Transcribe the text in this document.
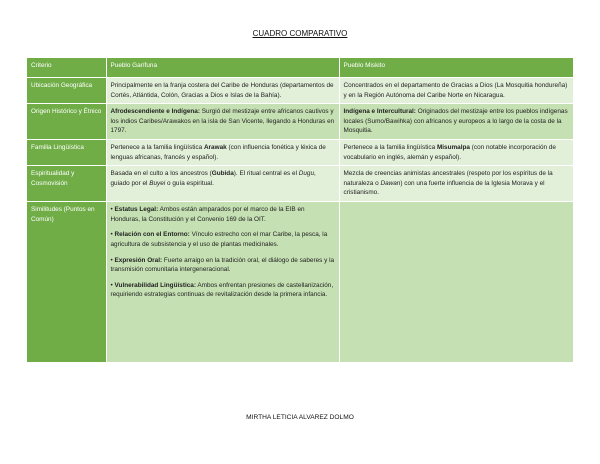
CUADRO COMPARATIVO
Criterio	Pueblo Garífuna	Pueblo Miskito
Ubicación Geográfica	Principalmente en la franja costera del Caribe de Honduras (departamentos de Cortés, Atlántida, Colón, Gracias a Dios e Islas de la Bahía).	Concentrados en el departamento de Gracias a Dios (La Mosquitia hondureña) y en la Región Autónoma del Caribe Norte en Nicaragua.
Origen Histórico y Étnico	Afrodescendiente e Indígena: Surgió del mestizaje entre africanos cautivos y los indios Caribes/Arawakos en la isla de San Vicente, llegando a Honduras en 1797.	Indígena e Intercultural: Originados del mestizaje entre los pueblos indígenas locales (Sumo/Bawihka) con africanos y europeos a lo largo de la costa de la Mosquitia.
Familia Lingüística	Pertenece a la familia lingüística Arawak (con influencia fonética y léxica de lenguas africanas, francés y español).	Pertenece a la familia lingüística Misumalpa (con notable incorporación de vocabulario en inglés, alemán y español).
Espiritualidad y Cosmovisión	Basada en el culto a los ancestros (Gubida). El ritual central es el Dugu, guiado por el Buyei o guía espiritual.	Mezcla de creencias animistas ancestrales (respeto por los espíritus de la naturaleza o Dawan) con una fuerte influencia de la Iglesia Morava y el cristianismo.
Similitudes (Puntos en Común)	• Estatus Legal: Ambos están amparados por el marco de la EIB en Honduras, la Constitución y el Convenio 169 de la OIT.
• Relación con el Entorno: Vínculo estrecho con el mar Caribe, la pesca, la agricultura de subsistencia y el uso de plantas medicinales.
• Expresión Oral: Fuerte arraigo en la tradición oral, el diálogo de saberes y la transmisión comunitaria intergeneracional.
• Vulnerabilidad Lingüística: Ambos enfrentan presiones de castellanización, requiriendo estrategias continuas de revitalización desde la primera infancia.	

MIRTHA LETICIA ALVAREZ DOLMO
